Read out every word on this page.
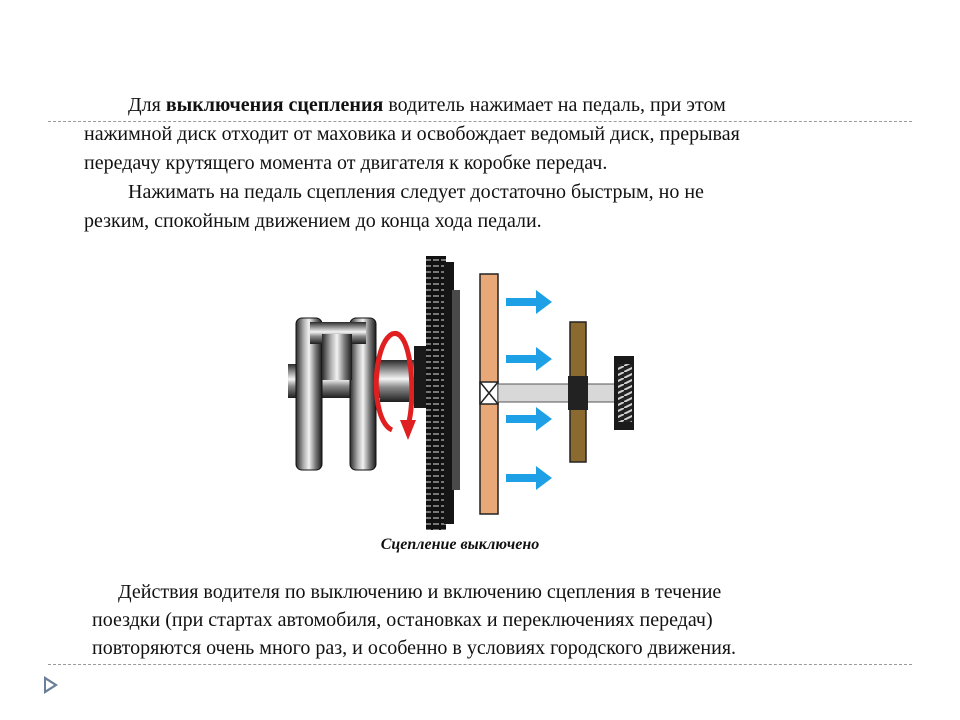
Для выключения сцепления водитель нажимает на педаль, при этом

нажимной диск отходит от маховика и освобождает ведомый диск, прерывая

передачу крутящего момента от двигателя к коробке передач.

Нажимать на педаль сцепления следует достаточно быстрым, но не

резким, спокойным движением до конца хода педали.

Сцепление выключено

Действия водителя по выключению и включению сцепления в течение

поездки (при стартах автомобиля, остановках и переключениях передач)

повторяются очень много раз, и особенно в условиях городского движения.
